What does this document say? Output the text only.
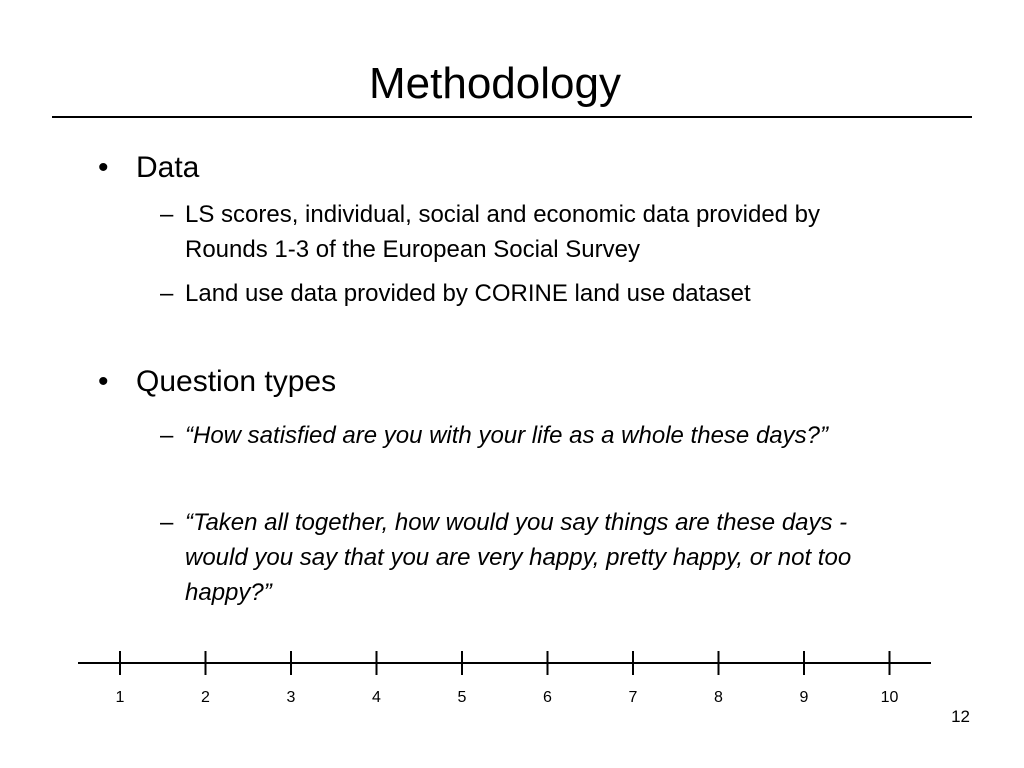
Methodology
• Data
– LS scores, individual, social and economic data provided by Rounds 1-3 of the European Social Survey
– Land use data provided by CORINE land use dataset
• Question types
– “How satisfied are you with your life as a whole these days?”
– “Taken all together, how would you say things are these days - would you say that you are very happy, pretty happy, or not too happy?”
1	2	3	4	5	6	7	8	9	10
12
